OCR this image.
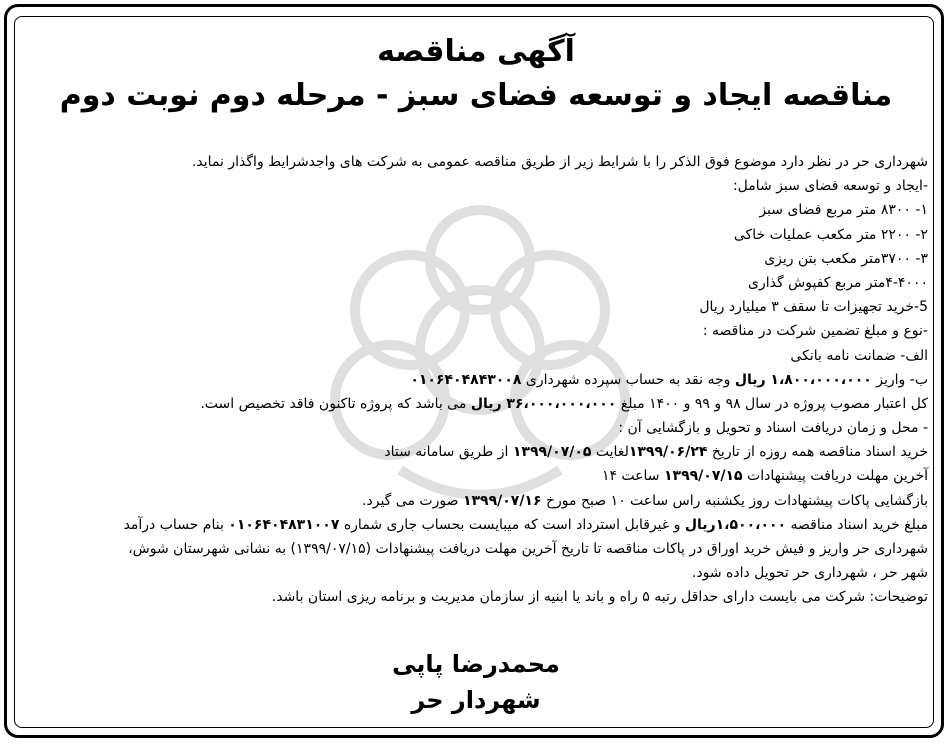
آگهی مناقصه
مناقصه ایجاد و توسعه فضای سبز - مرحله دوم نوبت دوم
شهرداری حر در نظر دارد موضوع فوق الذکر را با شرایط زیر از طریق مناقصه عمومی به شرکت های واجدشرایط واگذار نماید.
-ایجاد و توسعه فضای سبز شامل:
۱- ۸۳۰۰ متر مربع فضای سبز
۲- ۲۲۰۰ متر مکعب عملیات خاکی
۳- ۳۷۰۰متر مکعب بتن ریزی
۴-۴۰۰۰متر مربع کفپوش گذاری
5-خرید تجهیزات تا سقف ۳ میلیارد ریال
-نوع و مبلغ تضمین شرکت در مناقصه :
الف- ضمانت نامه بانکی
ب- واریز ۱،۸۰۰،۰۰۰،۰۰۰ ریال وجه نقد به حساب سپرده شهرداری ۰۱۰۶۴۰۴۸۴۳۰۰۸
کل اعتبار مصوب پروژه در سال ۹۸ و ۹۹ و ۱۴۰۰ مبلغ ۳۶،۰۰۰،۰۰۰،۰۰۰ ریال می باشد که پروژه تاکنون فاقد تخصیص است.
- محل و زمان دریافت اسناد و تحویل و بازگشایی آن :
خرید اسناد مناقصه همه روزه از تاریخ ۱۳۹۹/۰۶/۲۴لغایت ۱۳۹۹/۰۷/۰۵ از طریق سامانه ستاد
آخرین مهلت دریافت پیشنهادات ۱۳۹۹/۰۷/۱۵ ساعت ۱۴
بازگشایی پاکات پیشنهادات روز یکشنبه راس ساعت ۱۰ صبح مورخ ۱۳۹۹/۰۷/۱۶ صورت می گیرد.
مبلغ خرید اسناد مناقصه ۱،۵۰۰،۰۰۰ریال و غیرقابل استرداد است که میبایست بحساب جاری شماره ۰۱۰۶۴۰۴۸۳۱۰۰۷ بنام حساب درآمد
شهرداری حر واریز و فیش خرید اوراق در پاکات مناقصه تا تاریخ آخرین مهلت دریافت پیشنهادات (۱۳۹۹/۰۷/۱۵) به نشانی شهرستان شوش،
شهر حر ، شهرداری حر تحویل داده شود.
توضیحات: شرکت می بایست دارای حداقل رتبه ۵ راه و باند یا ابنیه از سازمان مدیریت و برنامه ریزی استان باشد.
محمدرضا پاپی
شهردار حر
